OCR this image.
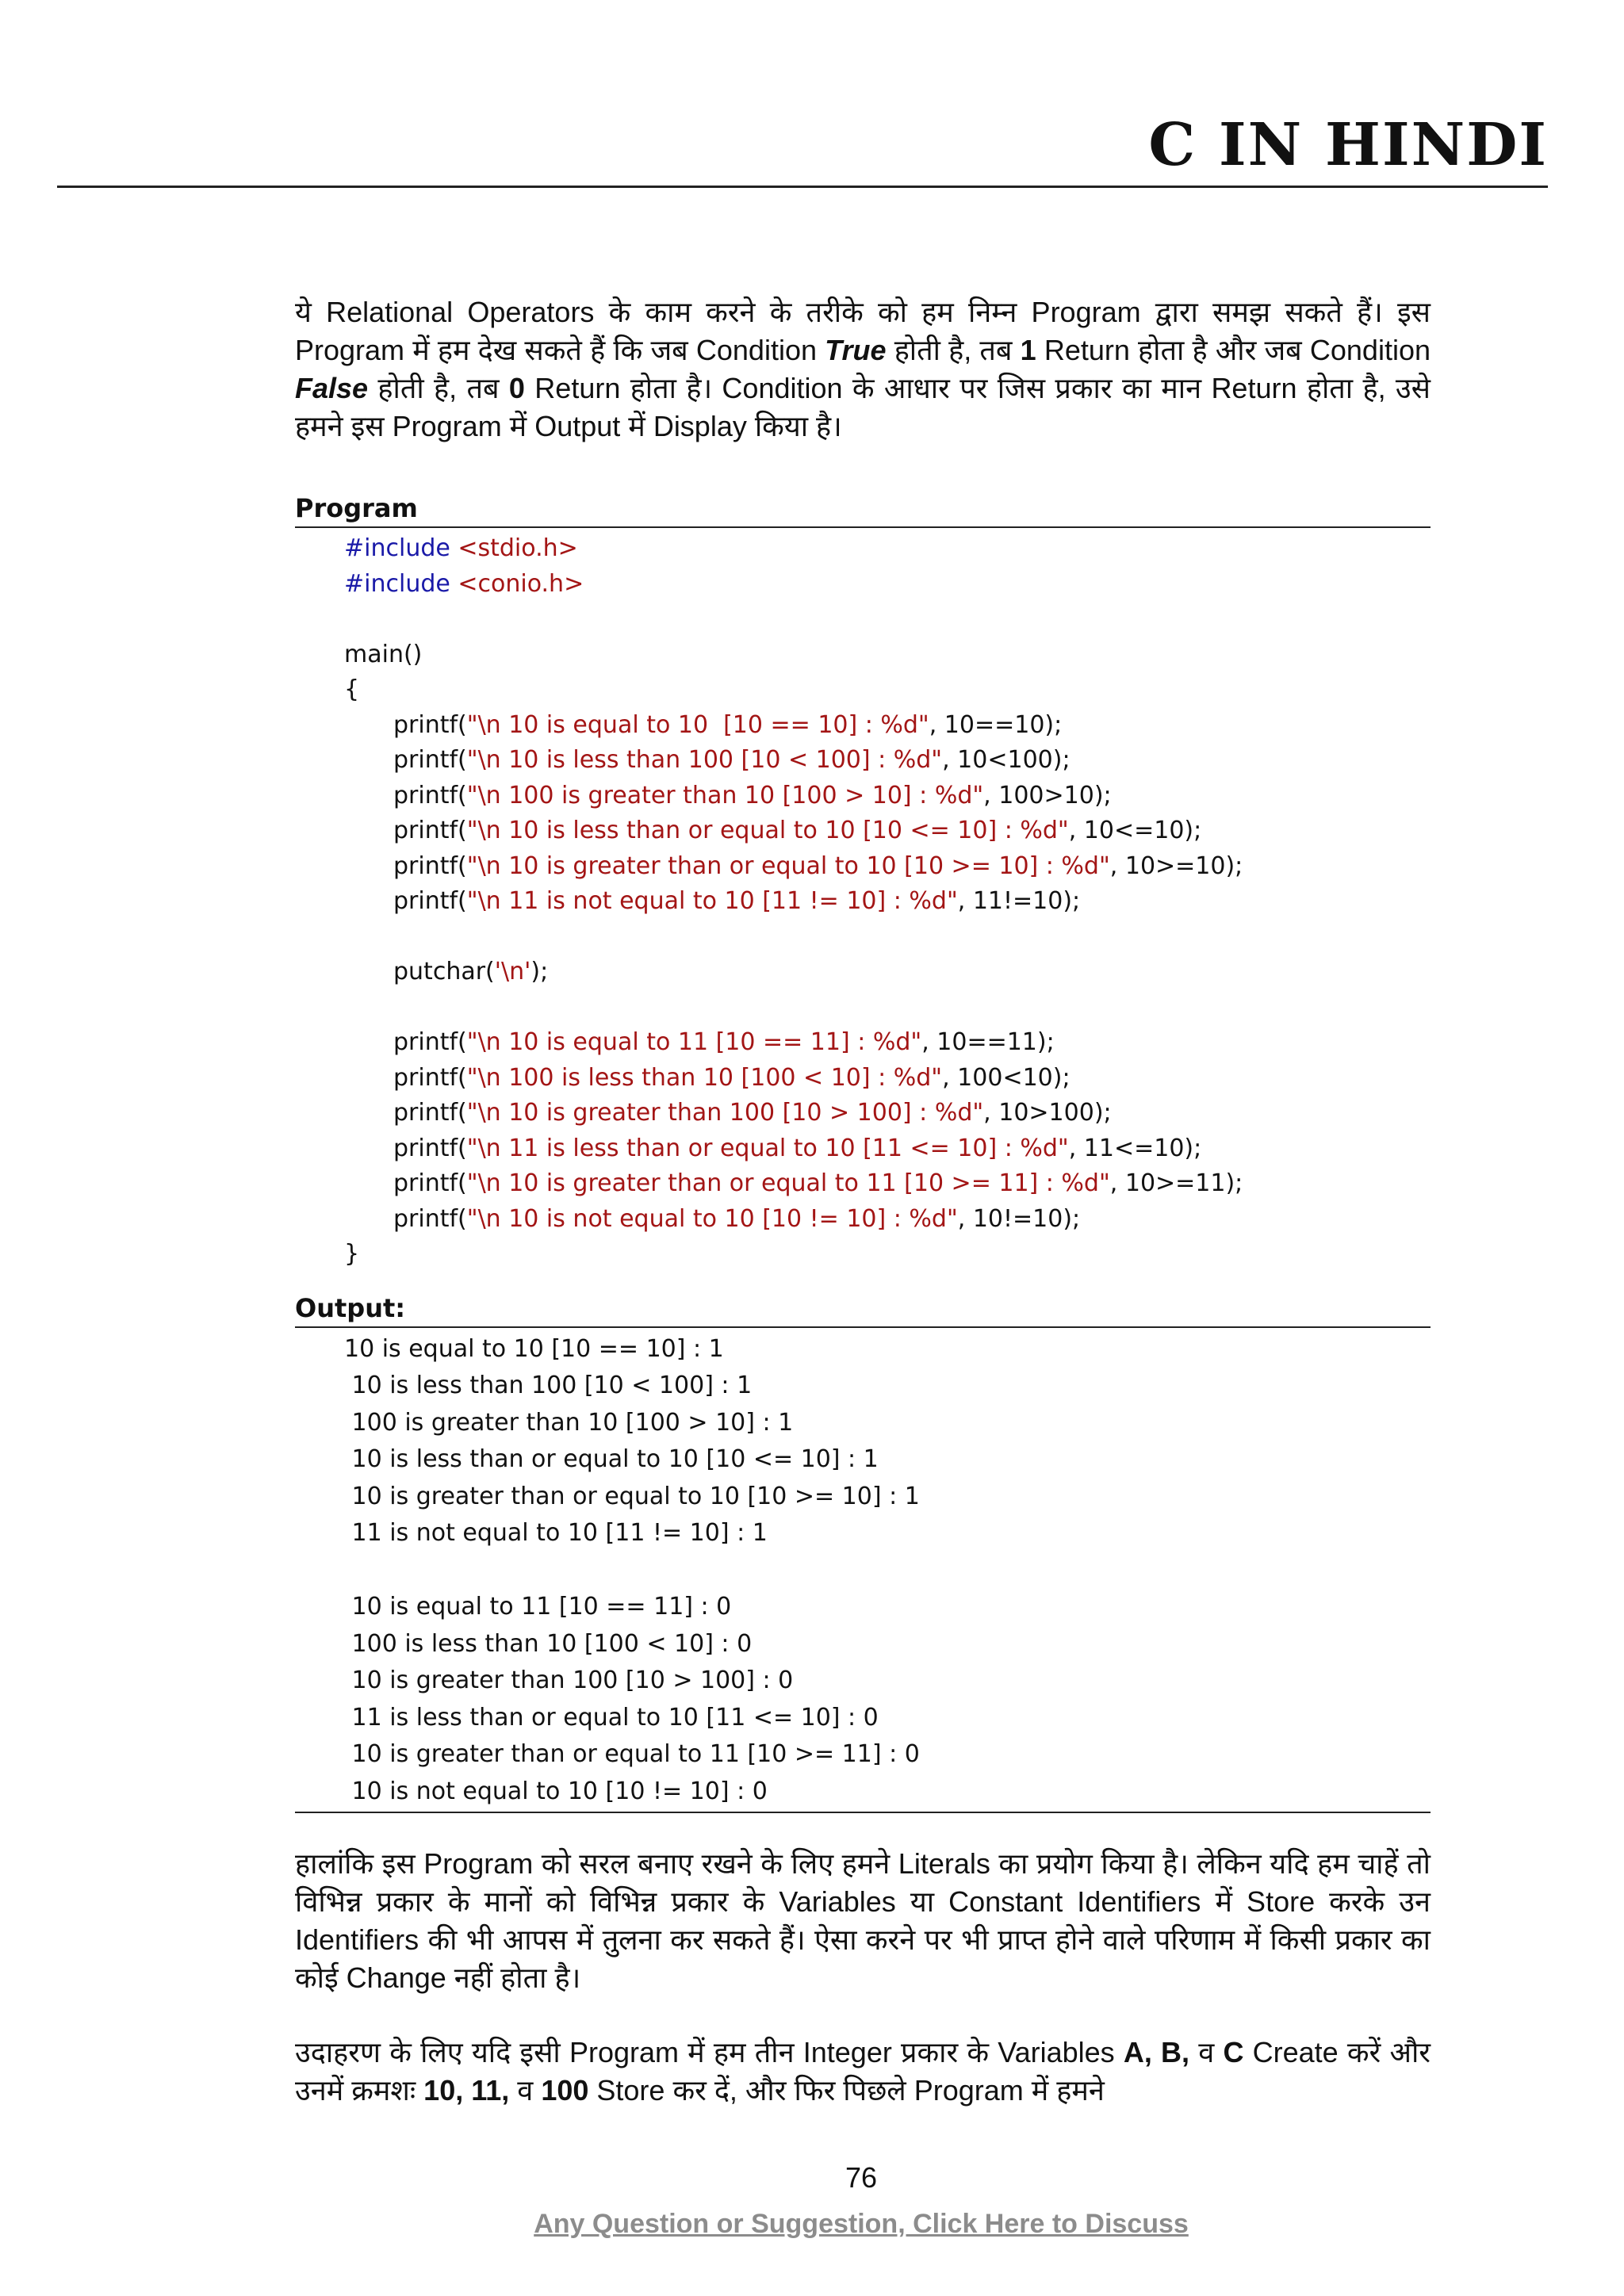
C IN HINDI

ये Relational Operators के काम करने के तरीके को हम निम्न Program द्वारा समझ सकते हैं। इस Program में हम देख सकते हैं कि जब Condition True होती है, तब 1 Return होता है और जब Condition False होती है, तब 0 Return होता है। Condition के आधार पर जिस प्रकार का मान Return होता है, उसे हमने इस Program में Output में Display किया है।

Program

#include <stdio.h>
#include <conio.h>
main()
{
printf("\n 10 is equal to 10  [10 == 10] : %d", 10==10);
printf("\n 10 is less than 100 [10 < 100] : %d", 10<100);
printf("\n 100 is greater than 10 [100 > 10] : %d", 100>10);
printf("\n 10 is less than or equal to 10 [10 <= 10] : %d", 10<=10);
printf("\n 10 is greater than or equal to 10 [10 >= 10] : %d", 10>=10);
printf("\n 11 is not equal to 10 [11 != 10] : %d", 11!=10);
putchar('\n');
printf("\n 10 is equal to 11 [10 == 11] : %d", 10==11);
printf("\n 100 is less than 10 [100 < 10] : %d", 100<10);
printf("\n 10 is greater than 100 [10 > 100] : %d", 10>100);
printf("\n 11 is less than or equal to 10 [11 <= 10] : %d", 11<=10);
printf("\n 10 is greater than or equal to 11 [10 >= 11] : %d", 10>=11);
printf("\n 10 is not equal to 10 [10 != 10] : %d", 10!=10);
}

Output:

10 is equal to 10 [10 == 10] : 1
10 is less than 100 [10 < 100] : 1
100 is greater than 10 [100 > 10] : 1
10 is less than or equal to 10 [10 <= 10] : 1
10 is greater than or equal to 10 [10 >= 10] : 1
11 is not equal to 10 [11 != 10] : 1
10 is equal to 11 [10 == 11] : 0
100 is less than 10 [100 < 10] : 0
10 is greater than 100 [10 > 100] : 0
11 is less than or equal to 10 [11 <= 10] : 0
10 is greater than or equal to 11 [10 >= 11] : 0
10 is not equal to 10 [10 != 10] : 0

हालांकि इस Program को सरल बनाए रखने के लिए हमने Literals का प्रयोग किया है। लेकिन यदि हम चाहें तो विभिन्न प्रकार के मानों को विभिन्न प्रकार के Variables या Constant Identifiers में Store करके उन Identifiers की भी आपस में तुलना कर सकते हैं। ऐसा करने पर भी प्राप्त होने वाले परिणाम में किसी प्रकार का कोई Change नहीं होता है।

उदाहरण के लिए यदि इसी Program में हम तीन Integer प्रकार के Variables A, B, व C Create करें और उनमें क्रमशः 10, 11, व 100 Store कर दें, और फिर पिछले Program में हमने

76
Any Question or Suggestion, Click Here to Discuss
